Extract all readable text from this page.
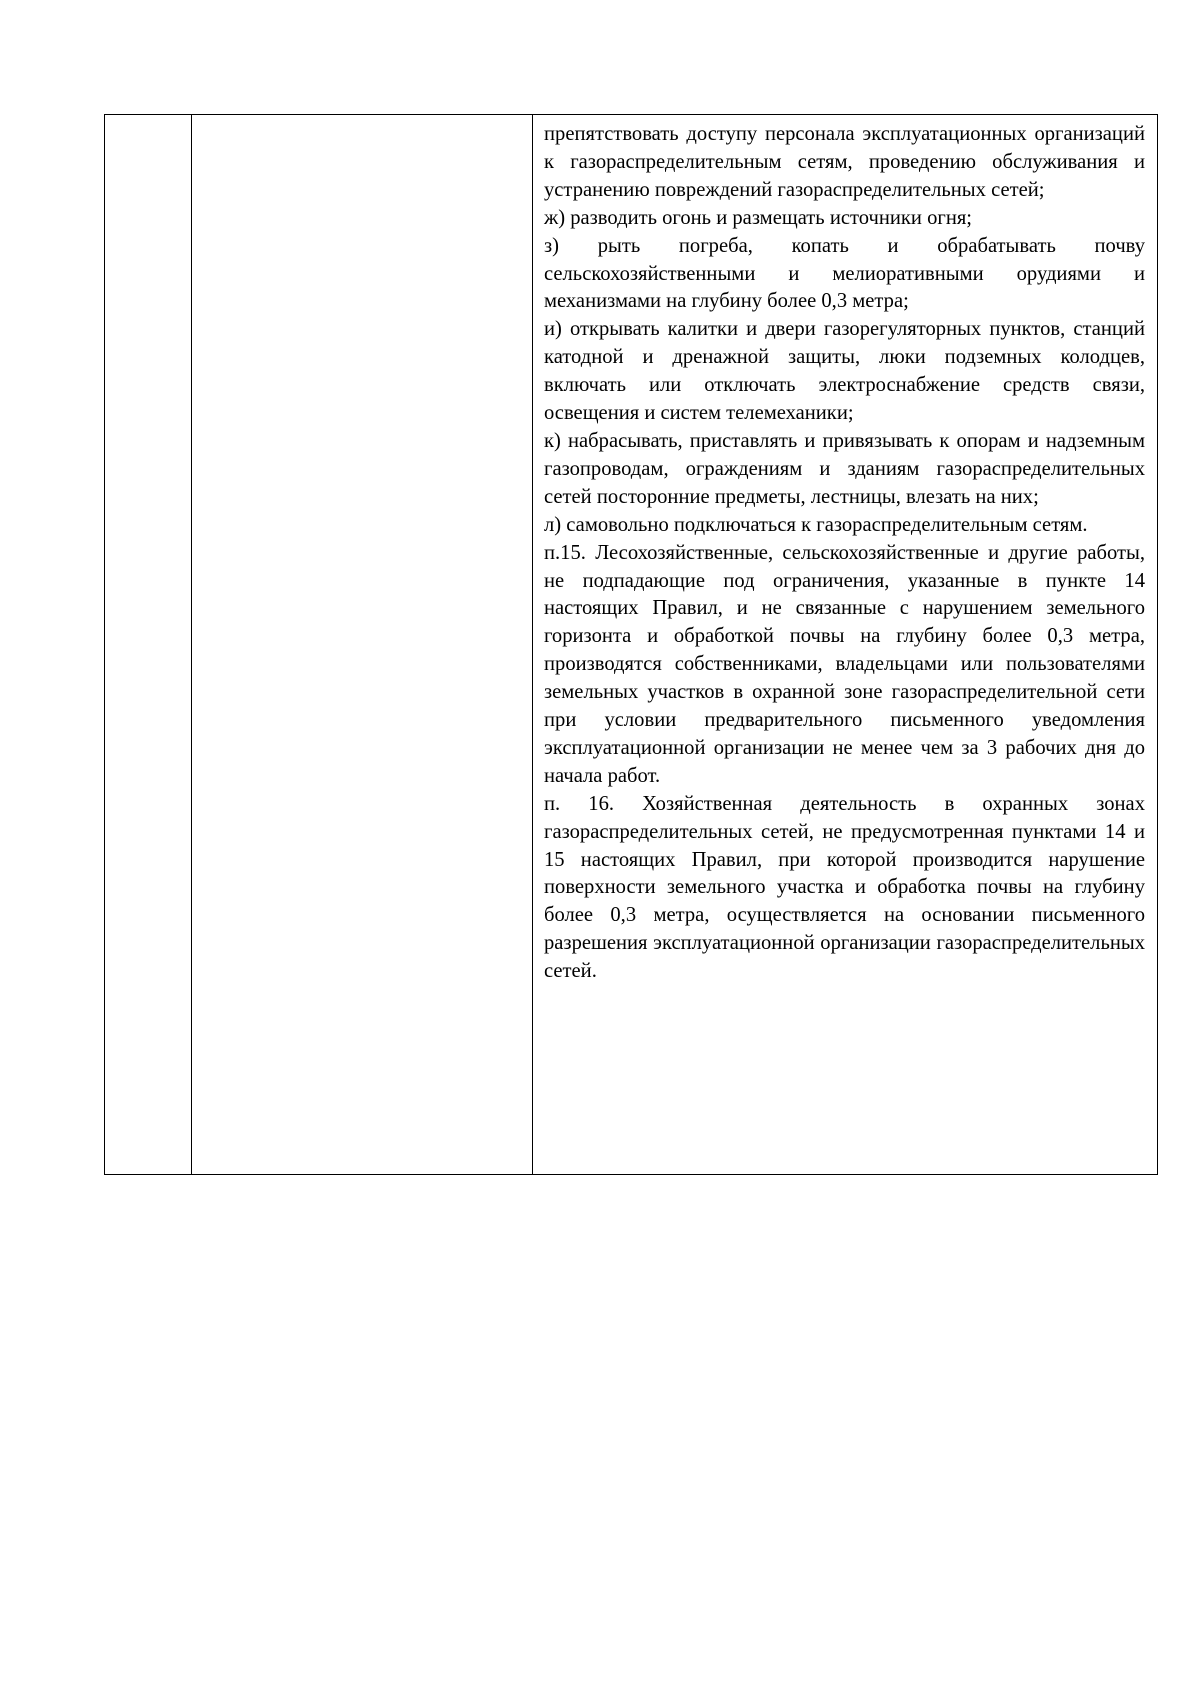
препятствовать доступу персонала эксплуатационных организаций к газораспределительным сетям, проведению обслуживания и устранению повреждений газораспределительных сетей;

ж) разводить огонь и размещать источники огня;

з) рыть погреба, копать и обрабатывать почву сельскохозяйственными и мелиоративными орудиями и механизмами на глубину более 0,3 метра;

и) открывать калитки и двери газорегуляторных пунктов, станций катодной и дренажной защиты, люки подземных колодцев, включать или отключать электроснабжение средств связи, освещения и систем телемеханики;

к) набрасывать, приставлять и привязывать к опорам и надземным газопроводам, ограждениям и зданиям газораспределительных сетей посторонние предметы, лестницы, влезать на них;

л) самовольно подключаться к газораспределительным сетям.

п.15. Лесохозяйственные, сельскохозяйственные и другие работы, не подпадающие под ограничения, указанные в пункте 14 настоящих Правил, и не связанные с нарушением земельного горизонта и обработкой почвы на глубину более 0,3 метра, производятся собственниками, владельцами или пользователями земельных участков в охранной зоне газораспределительной сети при условии предварительного письменного уведомления эксплуатационной организации не менее чем за 3 рабочих дня до начала работ.

п. 16. Хозяйственная деятельность в охранных зонах газораспределительных сетей, не предусмотренная пунктами 14 и 15 настоящих Правил, при которой производится нарушение поверхности земельного участка и обработка почвы на глубину более 0,3 метра, осуществляется на основании письменного разрешения эксплуатационной организации газораспределительных сетей.
